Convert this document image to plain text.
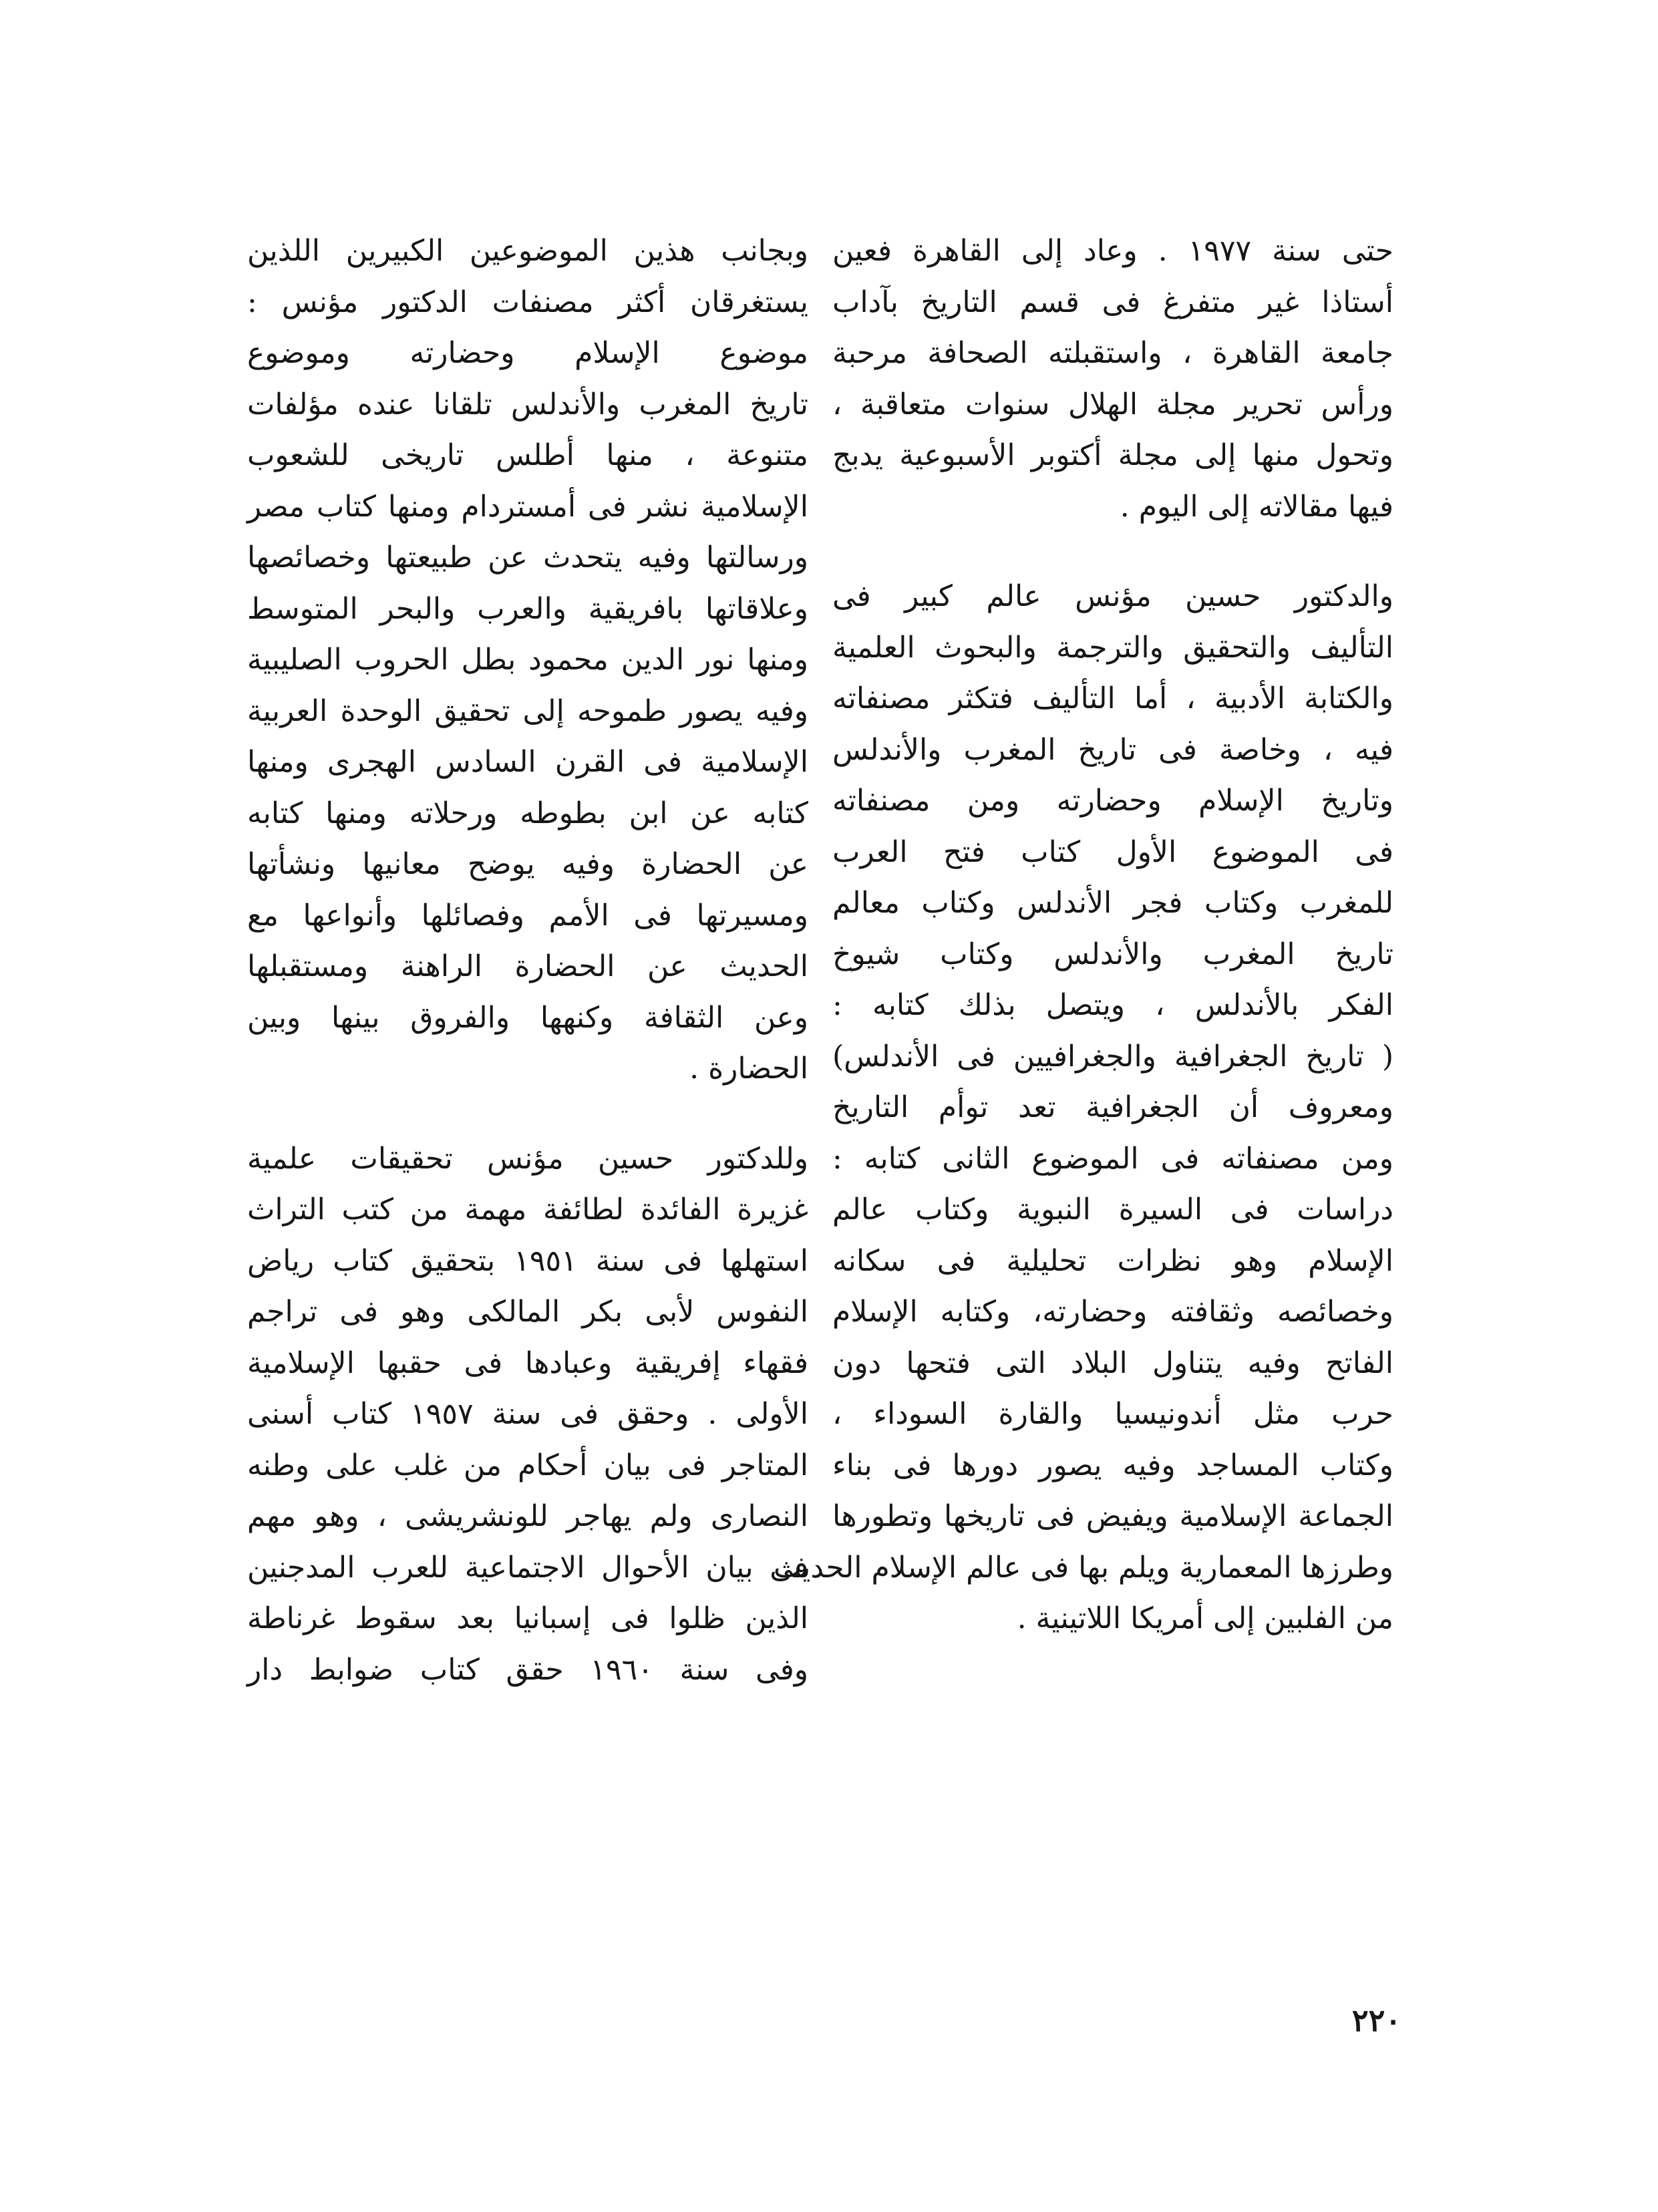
حتى سنة ١٩٧٧ . وعاد إلى القاهرة فعين
أستاذا غير متفرغ فى قسم التاريخ بآداب
جامعة القاهرة ، واستقبلته الصحافة مرحبة
ورأس تحرير مجلة الهلال سنوات متعاقبة ،
وتحول منها إلى مجلة أكتوبر الأسبوعية يدبج
فيها مقالاته إلى اليوم .
والدكتور حسين مؤنس عالم كبير فى
التأليف والتحقيق والترجمة والبحوث العلمية
والكتابة الأدبية ، أما التأليف فتكثر مصنفاته
فيه ، وخاصة فى تاريخ المغرب والأندلس
وتاريخ الإسلام وحضارته ومن مصنفاته
فى الموضوع الأول كتاب فتح العرب
للمغرب وكتاب فجر الأندلس وكتاب معالم
تاريخ المغرب والأندلس وكتاب شيوخ
الفكر بالأندلس ، ويتصل بذلك كتابه :
( تاريخ الجغرافية والجغرافيين فى الأندلس)
ومعروف أن الجغرافية تعد توأم التاريخ
ومن مصنفاته فى الموضوع الثانى كتابه :
دراسات فى السيرة النبوية وكتاب عالم
الإسلام وهو نظرات تحليلية فى سكانه
وخصائصه وثقافته وحضارته، وكتابه الإسلام
الفاتح وفيه يتناول البلاد التى فتحها دون
حرب مثل أندونيسيا والقارة السوداء ،
وكتاب المساجد وفيه يصور دورها فى بناء
الجماعة الإسلامية ويفيض فى تاريخها وتطورها
وطرزها المعمارية ويلم بها فى عالم الإسلام الحديث
من الفلبين إلى أمريكا اللاتينية .
وبجانب هذين الموضوعين الكبيرين اللذين
يستغرقان أكثر مصنفات الدكتور مؤنس :
موضوع الإسلام وحضارته وموضوع
تاريخ المغرب والأندلس تلقانا عنده مؤلفات
متنوعة ، منها أطلس تاريخى للشعوب
الإسلامية نشر فى أمستردام ومنها كتاب مصر
ورسالتها وفيه يتحدث عن طبيعتها وخصائصها
وعلاقاتها بافريقية والعرب والبحر المتوسط
ومنها نور الدين محمود بطل الحروب الصليبية
وفيه يصور طموحه إلى تحقيق الوحدة العربية
الإسلامية فى القرن السادس الهجرى ومنها
كتابه عن ابن بطوطه ورحلاته ومنها كتابه
عن الحضارة وفيه يوضح معانيها ونشأتها
ومسيرتها فى الأمم وفصائلها وأنواعها مع
الحديث عن الحضارة الراهنة ومستقبلها
وعن الثقافة وكنهها والفروق بينها وبين
الحضارة .
وللدكتور حسين مؤنس تحقيقات علمية
غزيرة الفائدة لطائفة مهمة من كتب التراث
استهلها فى سنة ١٩٥١ بتحقيق كتاب رياض
النفوس لأبى بكر المالكى وهو فى تراجم
فقهاء إفريقية وعبادها فى حقبها الإسلامية
الأولى . وحقق فى سنة ١٩٥٧ كتاب أسنى
المتاجر فى بيان أحكام من غلب على وطنه
النصارى ولم يهاجر للونشريشى ، وهو مهم
فى بيان الأحوال الاجتماعية للعرب المدجنين
الذين ظلوا فى إسبانيا بعد سقوط غرناطة
وفى سنة ١٩٦٠ حقق كتاب ضوابط دار
٢٢٠
